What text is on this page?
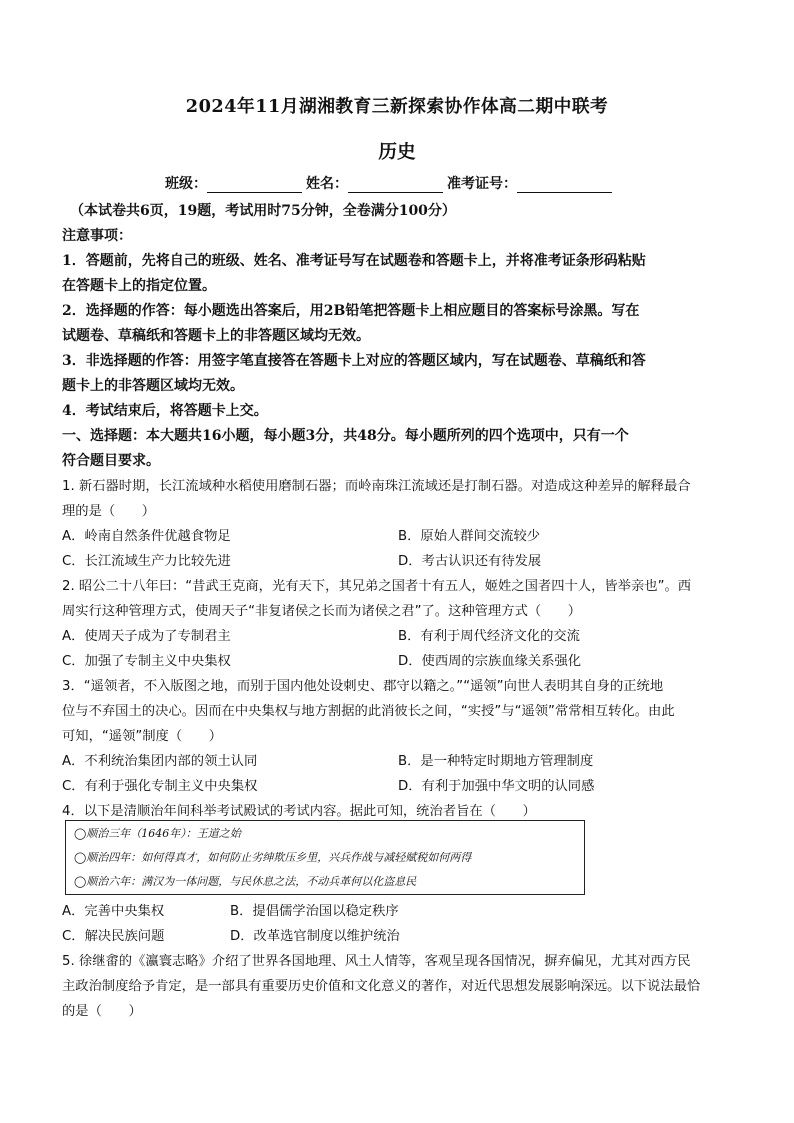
2024年11月湖湘教育三新探索协作体高二期中联考
历史
班级：	姓名：	准考证号：
（本试卷共6页，19题，考试用时75分钟，全卷满分100分）
注意事项：
1．答题前，先将自己的班级、姓名、准考证号写在试题卷和答题卡上，并将准考证条形码粘贴
在答题卡上的指定位置。
2．选择题的作答：每小题选出答案后，用2B铅笔把答题卡上相应题目的答案标号涂黑。写在
试题卷、草稿纸和答题卡上的非答题区域均无效。
3．非选择题的作答：用签字笔直接答在答题卡上对应的答题区域内，写在试题卷、草稿纸和答
题卡上的非答题区域均无效。
4．考试结束后，将答题卡上交。
一、选择题：本大题共16小题，每小题3分，共48分。每小题所列的四个选项中，只有一个
符合题目要求。
1. 新石器时期，长江流域种水稻使用磨制石器；而岭南珠江流域还是打制石器。对造成这种差异的解释最合
理的是（　　）
A．岭南自然条件优越食物足	B．原始人群间交流较少
C．长江流域生产力比较先进	D．考古认识还有待发展
2. 昭公二十八年曰：“昔武王克商，光有天下，其兄弟之国者十有五人，姬姓之国者四十人，皆举亲也”。西
周实行这种管理方式，使周天子“非复诸侯之长而为诸侯之君”了。这种管理方式（　　）
A．使周天子成为了专制君主	B．有利于周代经济文化的交流
C．加强了专制主义中央集权	D．使西周的宗族血缘关系强化
3．“遥领者，不入版图之地，而别于国内他处设刺史、郡守以籍之。”“遥领”向世人表明其自身的正统地
位与不弃国土的决心。因而在中央集权与地方割据的此消彼长之间，“实授”与“遥领”常常相互转化。由此
可知，“遥领”制度（　　）
A．不利统治集团内部的领土认同	B．是一种特定时期地方管理制度
C．有利于强化专制主义中央集权	D．有利于加强中华文明的认同感
4．以下是清顺治年间科举考试殿试的考试内容。据此可知，统治者旨在（　　）
◯顺治三年（1646年）：王道之始
◯顺治四年：如何得真才，如何防止劣绅欺压乡里，兴兵作战与减轻赋税如何两得
◯顺治六年：满汉为一体问题，与民休息之法，不动兵革何以化盗息民
A．完善中央集权	B．提倡儒学治国以稳定秩序
C．解决民族问题	D．改革选官制度以维护统治
5. 徐继畬的《瀛寰志略》介绍了世界各国地理、风土人情等，客观呈现各国情况，摒弃偏见，尤其对西方民
主政治制度给予肯定，是一部具有重要历史价值和文化意义的著作，对近代思想发展影响深远。以下说法最恰
的是（　　）
